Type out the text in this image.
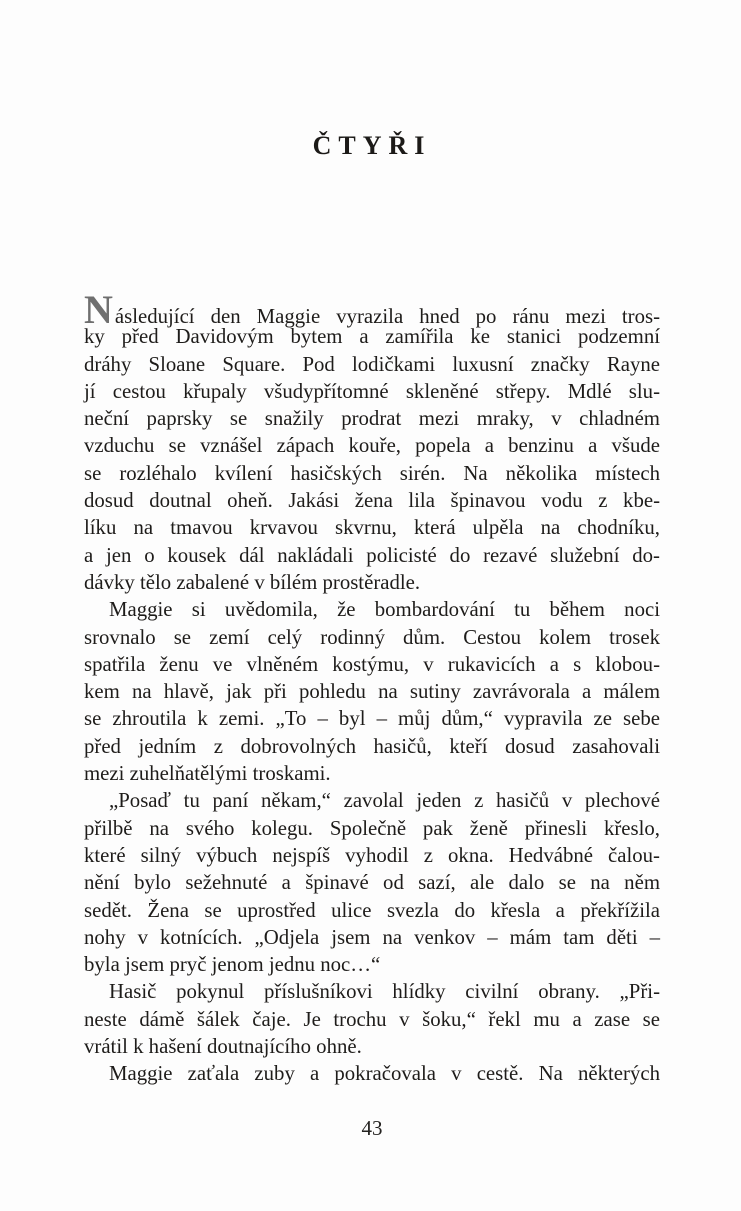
ČTYŘI
Následující den Maggie vyrazila hned po ránu mezi tros-
ky před Davidovým bytem a zamířila ke stanici podzemní
dráhy Sloane Square. Pod lodičkami luxusní značky Rayne
jí cestou křupaly všudypřítomné skleněné střepy. Mdlé slu-
neční paprsky se snažily prodrat mezi mraky, v chladném
vzduchu se vznášel zápach kouře, popela a benzinu a všude
se rozléhalo kvílení hasičských sirén. Na několika místech
dosud doutnal oheň. Jakási žena lila špinavou vodu z kbe-
líku na tmavou krvavou skvrnu, která ulpěla na chodníku,
a jen o kousek dál nakládali policisté do rezavé služební do-
dávky tělo zabalené v bílém prostěradle.
Maggie si uvědomila, že bombardování tu během noci
srovnalo se zemí celý rodinný dům. Cestou kolem trosek
spatřila ženu ve vlněném kostýmu, v rukavicích a s klobou-
kem na hlavě, jak při pohledu na sutiny zavrávorala a málem
se zhroutila k zemi. „To – byl – můj dům,“ vypravila ze sebe
před jedním z dobrovolných hasičů, kteří dosud zasahovali
mezi zuhelňatělými troskami.
„Posaď tu paní někam,“ zavolal jeden z hasičů v plechové
přilbě na svého kolegu. Společně pak ženě přinesli křeslo,
které silný výbuch nejspíš vyhodil z okna. Hedvábné čalou-
nění bylo sežehnuté a špinavé od sazí, ale dalo se na něm
sedět. Žena se uprostřed ulice svezla do křesla a překřížila
nohy v kotnících. „Odjela jsem na venkov – mám tam děti –
byla jsem pryč jenom jednu noc…“
Hasič pokynul příslušníkovi hlídky civilní obrany. „Při-
neste dámě šálek čaje. Je trochu v šoku,“ řekl mu a zase se
vrátil k hašení doutnajícího ohně.
Maggie zaťala zuby a pokračovala v cestě. Na některých
43
